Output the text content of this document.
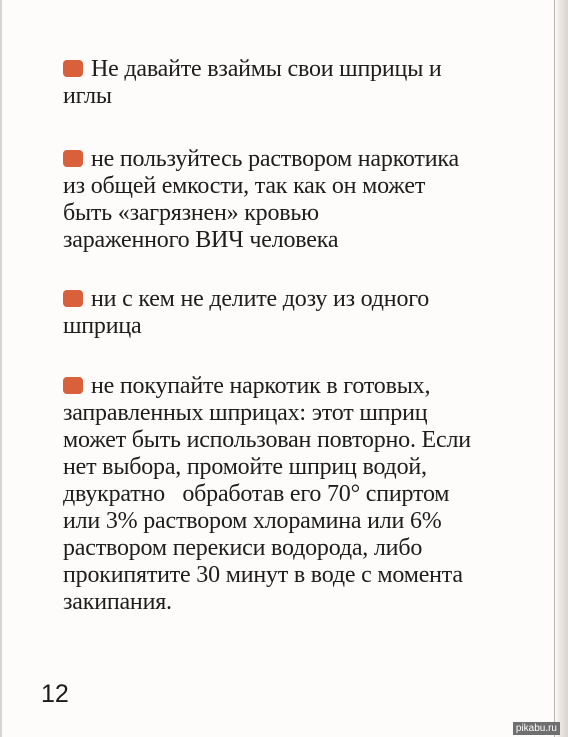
Не давайте взаймы свои шприцы и

иглы

не пользуйтесь раствором наркотика

из общей емкости, так как он может

быть «загрязнен» кровью

зараженного ВИЧ человека

ни с кем не делите дозу из одного

шприца

не покупайте наркотик в готовых,

заправленных шприцах: этот шприц

может быть использован повторно. Если

нет выбора, промойте шприц водой,

двукратно   обработав его 70° спиртом

или 3% раствором хлорамина или 6%

раствором перекиси водорода, либо

прокипятите 30 минут в воде с момента

закипания.

12
pikabu.ru
